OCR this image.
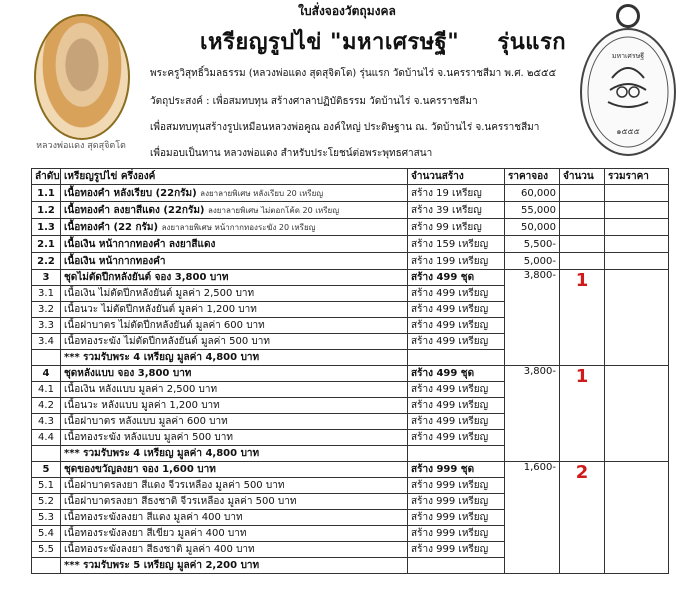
ใบสั่งจองวัตถุมงคล
เหรียญรูปไข่ "มหาเศรษฐี" รุ่นแรก
พระครูวิสุทธิ์วิมลธรรม (หลวงพ่อแดง สุดสุจิตโต) รุ่นแรก วัดบ้านไร่ จ.นครราชสีมา พ.ศ. ๒๕๕๕
วัตถุประสงค์ : เพื่อสมทบทุน สร้างศาลาปฏิบัติธรรม วัดบ้านไร่ จ.นครราชสีมา
เพื่อสมทบทุนสร้างรูปเหมือนหลวงพ่อคูณ องค์ใหญ่ ประดิษฐาน ณ. วัดบ้านไร่ จ.นครราชสีมา
เพื่อมอบเป็นทาน หลวงพ่อแดง สำหรับประโยชน์ต่อพระพุทธศาสนา
หลวงพ่อแดง สุดสุจิตโต
มหาเศรษฐี
๑๕๕๕
ลำดับ	เหรียญรูปไข่ ครึ่งองค์	จำนวนสร้าง	ราคาจอง	จำนวน	รวมราคา
1.1	เนื้อทองคำ หลังเรียบ (22กรัม) ลงยาลายพิเศษ หลังเรียบ 20 เหรียญ	สร้าง 19 เหรียญ	60,000		
1.2	เนื้อทองคำ ลงยาสีแดง (22กรัม) ลงยาลายพิเศษ ไม่ตอกโค้ด 20 เหรียญ	สร้าง 39 เหรียญ	55,000		
1.3	เนื้อทองคำ (22 กรัม) ลงยาลายพิเศษ หน้ากากทองระฆัง 20 เหรียญ	สร้าง 99 เหรียญ	50,000		
2.1	เนื้อเงิน หน้ากากทองคำ ลงยาสีแดง	สร้าง 159 เหรียญ	5,500-		
2.2	เนื้อเงิน หน้ากากทองคำ	สร้าง 199 เหรียญ	5,000-		
3	ชุดไม่ตัดปีกหลังยันต์ จอง 3,800 บาท	สร้าง 499 ชุด	3,800-	1	
3.1	เนื้อเงิน ไม่ตัดปีกหลังยันต์ มูลค่า 2,500 บาท	สร้าง 499 เหรียญ			
3.2	เนื้อนวะ ไม่ตัดปีกหลังยันต์ มูลค่า 1,200 บาท	สร้าง 499 เหรียญ			
3.3	เนื้อฝาบาตร ไม่ตัดปีกหลังยันต์ มูลค่า 600 บาท	สร้าง 499 เหรียญ			
3.4	เนื้อทองระฆัง ไม่ตัดปีกหลังยันต์ มูลค่า 500 บาท	สร้าง 499 เหรียญ			
	*** รวมรับพระ 4 เหรียญ มูลค่า 4,800 บาท				
4	ชุดหลังแบบ จอง 3,800 บาท	สร้าง 499 ชุด	3,800-	1	
4.1	เนื้อเงิน หลังแบบ มูลค่า 2,500 บาท	สร้าง 499 เหรียญ			
4.2	เนื้อนวะ หลังแบบ มูลค่า 1,200 บาท	สร้าง 499 เหรียญ			
4.3	เนื้อฝาบาตร หลังแบบ มูลค่า 600 บาท	สร้าง 499 เหรียญ			
4.4	เนื้อทองระฆัง หลังแบบ มูลค่า 500 บาท	สร้าง 499 เหรียญ			
	*** รวมรับพระ 4 เหรียญ มูลค่า 4,800 บาท				
5	ชุดของขวัญลงยา จอง 1,600 บาท	สร้าง 999 ชุด	1,600-	2	
5.1	เนื้อฝาบาตรลงยา สีแดง จีวรเหลือง มูลค่า 500 บาท	สร้าง 999 เหรียญ			
5.2	เนื้อฝาบาตรลงยา สีธงชาติ จีวรเหลือง มูลค่า 500 บาท	สร้าง 999 เหรียญ			
5.3	เนื้อทองระฆังลงยา สีแดง มูลค่า 400 บาท	สร้าง 999 เหรียญ			
5.4	เนื้อทองระฆังลงยา สีเขียว มูลค่า 400 บาท	สร้าง 999 เหรียญ			
5.5	เนื้อทองระฆังลงยา สีธงชาติ มูลค่า 400 บาท	สร้าง 999 เหรียญ			
	*** รวมรับพระ 5 เหรียญ มูลค่า 2,200 บาท				
